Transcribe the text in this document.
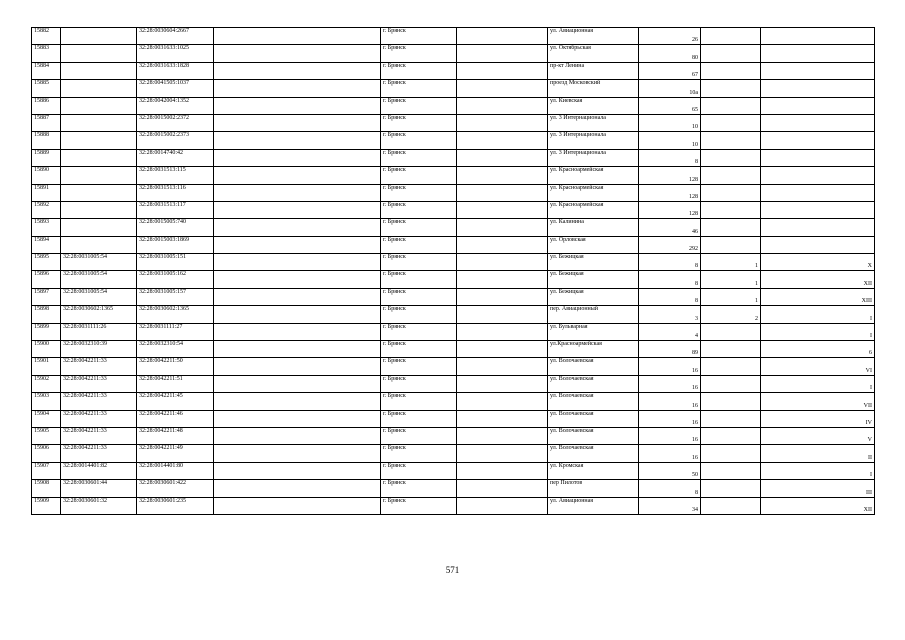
15882		32:28:0030604:2667		г. Брянск		ул. Авиационная	26		
15883		32:28:0031633:1025		г. Брянск		ул. Октябрьская	80		
15884		32:28:0031633:1828		г. Брянск		пр-кт Ленина	67		
15885		32:28:0041505:1037		г. Брянск		проезд Московский	10а		
15886		32:28:0042004:1352		г. Брянск		ул. Киевская	65		
15887		32:28:0015002:2372		г. Брянск		ул. 3 Интернационала	10		
15888		32:28:0015002:2373		г. Брянск		ул. 3 Интернационала	10		
15889		32:28:0014740:42		г. Брянск		ул. 3 Интернационала	8		
15890		32:28:0031513:115		г. Брянск		ул. Красноармейская	128		
15891		32:28:0031513:116		г. Брянск		ул. Красноармейская	128		
15892		32:28:0031513:117		г. Брянск		ул. Красноармейская	128		
15893		32:28:0015005:740		г. Брянск		ул. Калинина	46		
15894		32:28:0015003:1869		г. Брянск		ул. Орловская	292		
15895	32:28:0031005:54	32:28:0031005:151		г. Брянск		ул. Бежицкая	8	1	X
15896	32:28:0031005:54	32:28:0031005:162		г. Брянск		ул. Бежицкая	8	1	XII
15897	32:28:0031005:54	32:28:0031005:157		г. Брянск		ул. Бежицкая	8	1	XIII
15898	32:28:0030602:1365	32:28:0030602:1365		г. Брянск		пер. Авиационный	3	2	I
15899	32:28:0031111:26	32:28:0031111:27		г. Брянск		ул. Бульварная	4		I
15900	32:28:0032310:39	32:28:0032310:54		г. Брянск		ул.Красноармейская	89		6
15901	32:28:0042211:33	32:28:0042211:50		г. Брянск		ул. Волочаевская	16		VI
15902	32:28:0042211:33	32:28:0042211:51		г. Брянск		ул. Волочаевская	16		I
15903	32:28:0042211:33	32:28:0042211:45		г. Брянск		ул. Волочаевская	16		VII
15904	32:28:0042211:33	32:28:0042211:46		г. Брянск		ул. Волочаевская	16		IV
15905	32:28:0042211:33	32:28:0042211:48		г. Брянск		ул. Волочаевская	16		V
15906	32:28:0042211:33	32:28:0042211:49		г. Брянск		ул. Волочаевская	16		II
15907	32:28:0014401:82	32:28:0014401:80		г. Брянск		ул. Кромская	50		I
15908	32:28:0030601:44	32:28:0030601:422		г. Брянск		пер Пилотов	8		III
15909	32:28:0030601:32	32:28:0030601:235		г. Брянск		ул. Авиационная	34		XII
571
